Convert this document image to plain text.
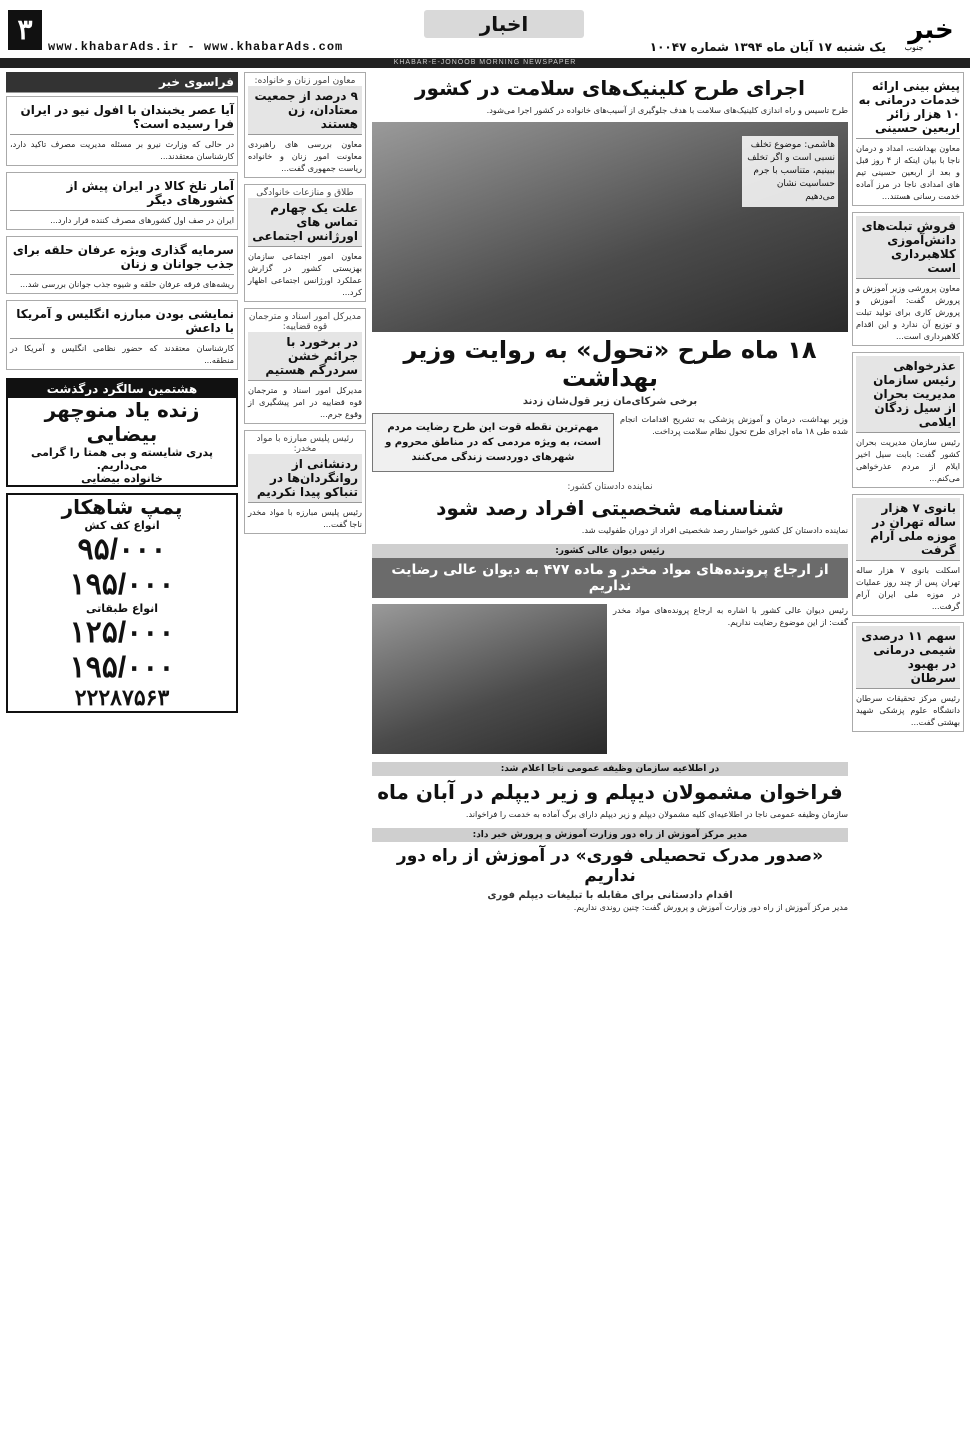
۳	اخبار
www.khabarAds.ir - www.khabarAds.com	یک شنبه ۱۷ آبان ماه ۱۳۹۴ شماره ۱۰۰۴۷
خبر
جنوب
KHABAR-E-JONOOB MORNING NEWSPAPER
پیش بینی ارائه خدمات درمانی به ۱۰ هزار زائر اربعین حسینی
معاون بهداشت، امداد و درمان ناجا با بیان اینکه از ۴ روز قبل و بعد از اربعین حسینی تیم های امدادی ناجا در مرز آماده خدمت رسانی هستند...
فروش تبلت‌های دانش‌آموزی کلاهبرداری است
معاون پرورشی وزیر آموزش و پرورش گفت: آموزش و پرورش کاری برای تولید تبلت و توزیع آن ندارد و این اقدام کلاهبرداری است...
عذرخواهی رئیس سازمان مدیریت بحران از سیل زدگان ایلامی
رئیس سازمان مدیریت بحران کشور گفت: بابت سیل اخیر ایلام از مردم عذرخواهی می‌کنم...
بانوی ۷ هزار ساله تهران در موزه ملی آرام گرفت
اسکلت بانوی ۷ هزار ساله تهران پس از چند روز عملیات در موزه ملی ایران آرام گرفت...
سهم ۱۱ درصدی شیمی درمانی در بهبود سرطان
رئیس مرکز تحقیقات سرطان دانشگاه علوم پزشکی شهید بهشتی گفت...
اجرای طرح کلینیک‌های سلامت در کشور
طرح تاسیس و راه اندازی کلینیک‌های سلامت با هدف جلوگیری از آسیب‌های خانواده در کشور اجرا می‌شود.
هاشمی: موضوع تخلف نسبی است و اگر تخلف ببینیم، متناسب با جرم حساسیت نشان می‌دهیم
۱۸ ماه طرح «تحول» به روایت وزیر بهداشت
برخی شرکای‌مان زیر قول‌شان زدند
وزیر بهداشت، درمان و آموزش پزشکی به تشریح اقدامات انجام شده طی ۱۸ ماه اجرای طرح تحول نظام سلامت پرداخت.
مهم‌ترین نقطه قوت این طرح رضایت مردم است، به ویژه مردمی که در مناطق محروم و شهرهای دوردست زندگی می‌کنند
نماینده دادستان کشور:
شناسنامه شخصیتی افراد رصد شود
نماینده دادستان کل کشور خواستار رصد شخصیتی افراد از دوران طفولیت شد.
رئیس دیوان عالی کشور:
از ارجاع پرونده‌های مواد مخدر و ماده ۴۷۷ به دیوان عالی رضایت نداریم
رئیس دیوان عالی کشور با اشاره به ارجاع پرونده‌های مواد مخدر گفت: از این موضوع رضایت نداریم.
در اطلاعیه سازمان وظیفه عمومی ناجا اعلام شد:
فراخوان مشمولان دیپلم و زیر دیپلم در آبان ماه
سازمان وظیفه عمومی ناجا در اطلاعیه‌ای کلیه مشمولان دیپلم و زیر دیپلم دارای برگ آماده به خدمت را فراخواند.
مدیر مرکز آموزش از راه دور وزارت آموزش و پرورش خبر داد:
«صدور مدرک تحصیلی فوری» در آموزش از راه دور نداریم
اقدام دادستانی برای مقابله با تبلیغات دیپلم فوری
مدیر مرکز آموزش از راه دور وزارت آموزش و پرورش گفت: چنین روندی نداریم.
معاون امور زنان و خانواده:
۹ درصد از جمعیت معتادان، زن هستند
معاون بررسی های راهبردی معاونت امور زنان و خانواده ریاست جمهوری گفت...
طلاق و منازعات خانوادگی
علت یک چهارم تماس های اورژانس اجتماعی
معاون امور اجتماعی سازمان بهزیستی کشور در گزارش عملکرد اورژانس اجتماعی اظهار کرد...
مدیرکل امور اسناد و مترجمان قوه قضاییه:
در برخورد با جرائم خشن سردرگم هستیم
مدیرکل امور اسناد و مترجمان قوه قضاییه در امر پیشگیری از وقوع جرم...
رئیس پلیس مبارزه با مواد مخدر:
ردنشانی از روانگردان‌ها در تنباکو پیدا نکردیم
رئیس پلیس مبارزه با مواد مخدر ناجا گفت...
فراسوی خبر
آیا عصر یخبندان با افول نیو در ایران فرا رسیده است؟
در حالی که وزارت نیرو بر مسئله مدیریت مصرف تاکید دارد، کارشناسان معتقدند...
آمار تلخ کالا در ایران پیش از کشورهای دیگر
ایران در صف اول کشورهای مصرف کننده قرار دارد...
سرمایه گذاری ویژه عرفان حلقه برای جذب جوانان و زنان
ریشه‌های فرقه عرفان حلقه و شیوه جذب جوانان بررسی شد...
نمایشی بودن مبارزه انگلیس و آمریکا با داعش
کارشناسان معتقدند که حضور نظامی انگلیس و آمریکا در منطقه...
هشتمین سالگرد درگذشت
زنده یاد منوچهر بیضایی
پدری شایسته و بی همتا را گرامی می‌داریم.
خانواده بیضایی
پمپ شاهکار
انواع کف کش
۹۵/۰۰۰
۱۹۵/۰۰۰
انواع طبقاتی
۱۲۵/۰۰۰
۱۹۵/۰۰۰
۲۲۲۸۷۵۶۳
